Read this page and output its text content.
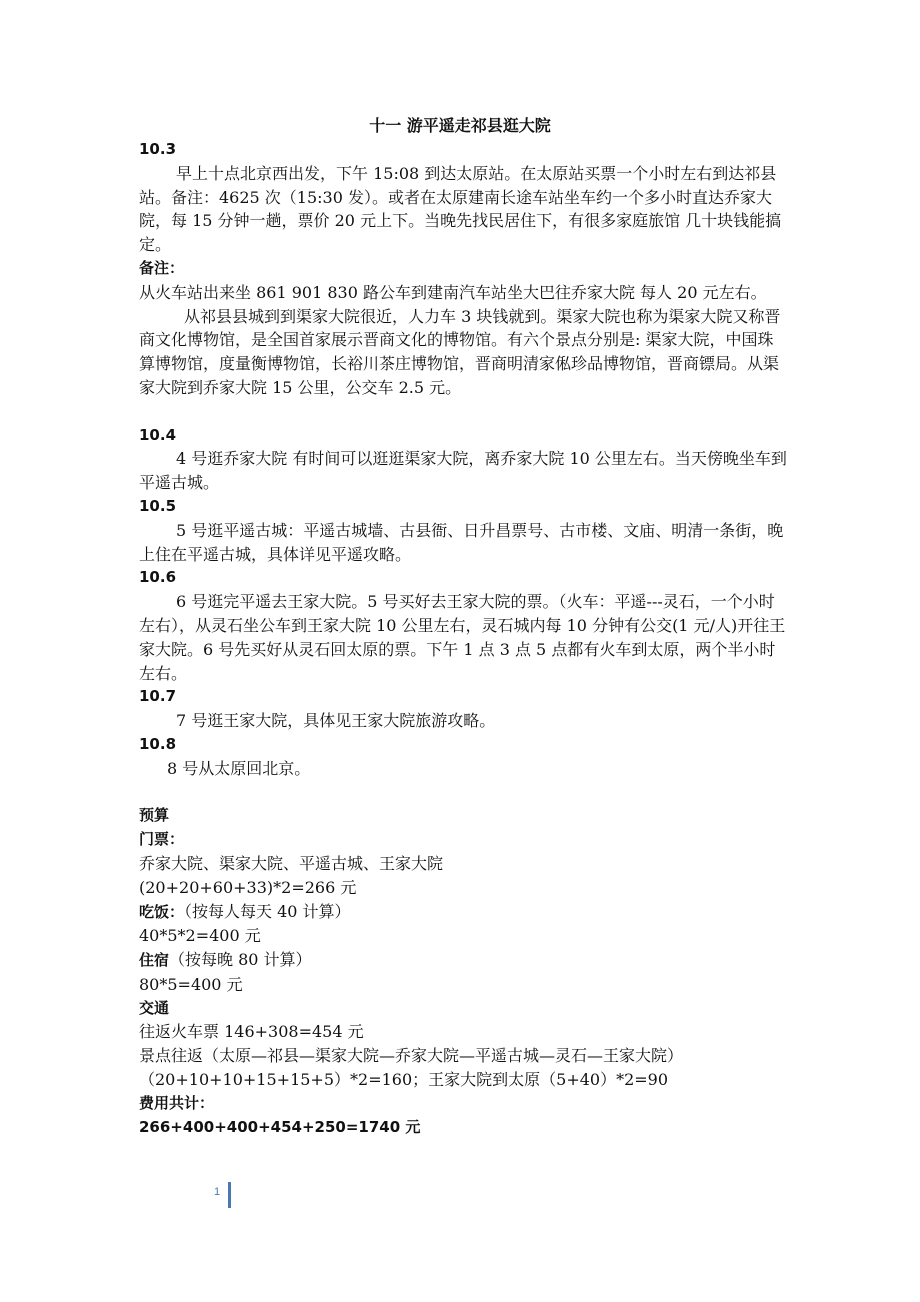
十一 游平遥走祁县逛大院

10.3

早上十点北京西出发，下午 15:08 到达太原站。在太原站买票一个小时左右到达祁县站。备注：4625 次（15:30 发）。或者在太原建南长途车站坐车约一个多小时直达乔家大院，每 15 分钟一趟，票价 20 元上下。当晚先找民居住下，有很多家庭旅馆 几十块钱能搞定。

备注：

从火车站出来坐 861 901 830 路公车到建南汽车站坐大巴往乔家大院 每人 20 元左右。

从祁县县城到到渠家大院很近，人力车 3 块钱就到。渠家大院也称为渠家大院又称晋商文化博物馆，是全国首家展示晋商文化的博物馆。有六个景点分别是: 渠家大院，中国珠算博物馆，度量衡博物馆，长裕川茶庄博物馆，晋商明清家俬珍品博物馆，晋商镖局。从渠家大院到乔家大院 15 公里，公交车 2.5 元。

10.4

4 号逛乔家大院 有时间可以逛逛渠家大院，离乔家大院 10 公里左右。当天傍晚坐车到平遥古城。

10.5

5 号逛平遥古城：平遥古城墙、古县衙、日升昌票号、古市楼、文庙、明清一条街，晚上住在平遥古城，具体详见平遥攻略。

10.6

6 号逛完平遥去王家大院。5 号买好去王家大院的票。（火车：平遥---灵石，一个小时左右），从灵石坐公车到王家大院 10 公里左右，灵石城内每 10 分钟有公交(1 元/人)开往王家大院。6 号先买好从灵石回太原的票。下午 1 点 3 点 5 点都有火车到太原，两个半小时左右。

10.7

7 号逛王家大院，具体见王家大院旅游攻略。

10.8

8 号从太原回北京。

预算

门票：

乔家大院、渠家大院、平遥古城、王家大院

(20+20+60+33)*2=266 元

吃饭：（按每人每天 40 计算）

40*5*2=400 元

住宿（按每晚 80 计算）

80*5=400 元

交通

往返火车票 146+308=454 元

景点往返（太原—祁县—渠家大院—乔家大院—平遥古城—灵石—王家大院）

（20+10+10+15+15+5）*2=160；王家大院到太原（5+40）*2=90

费用共计：

266+400+400+454+250=1740 元

1
